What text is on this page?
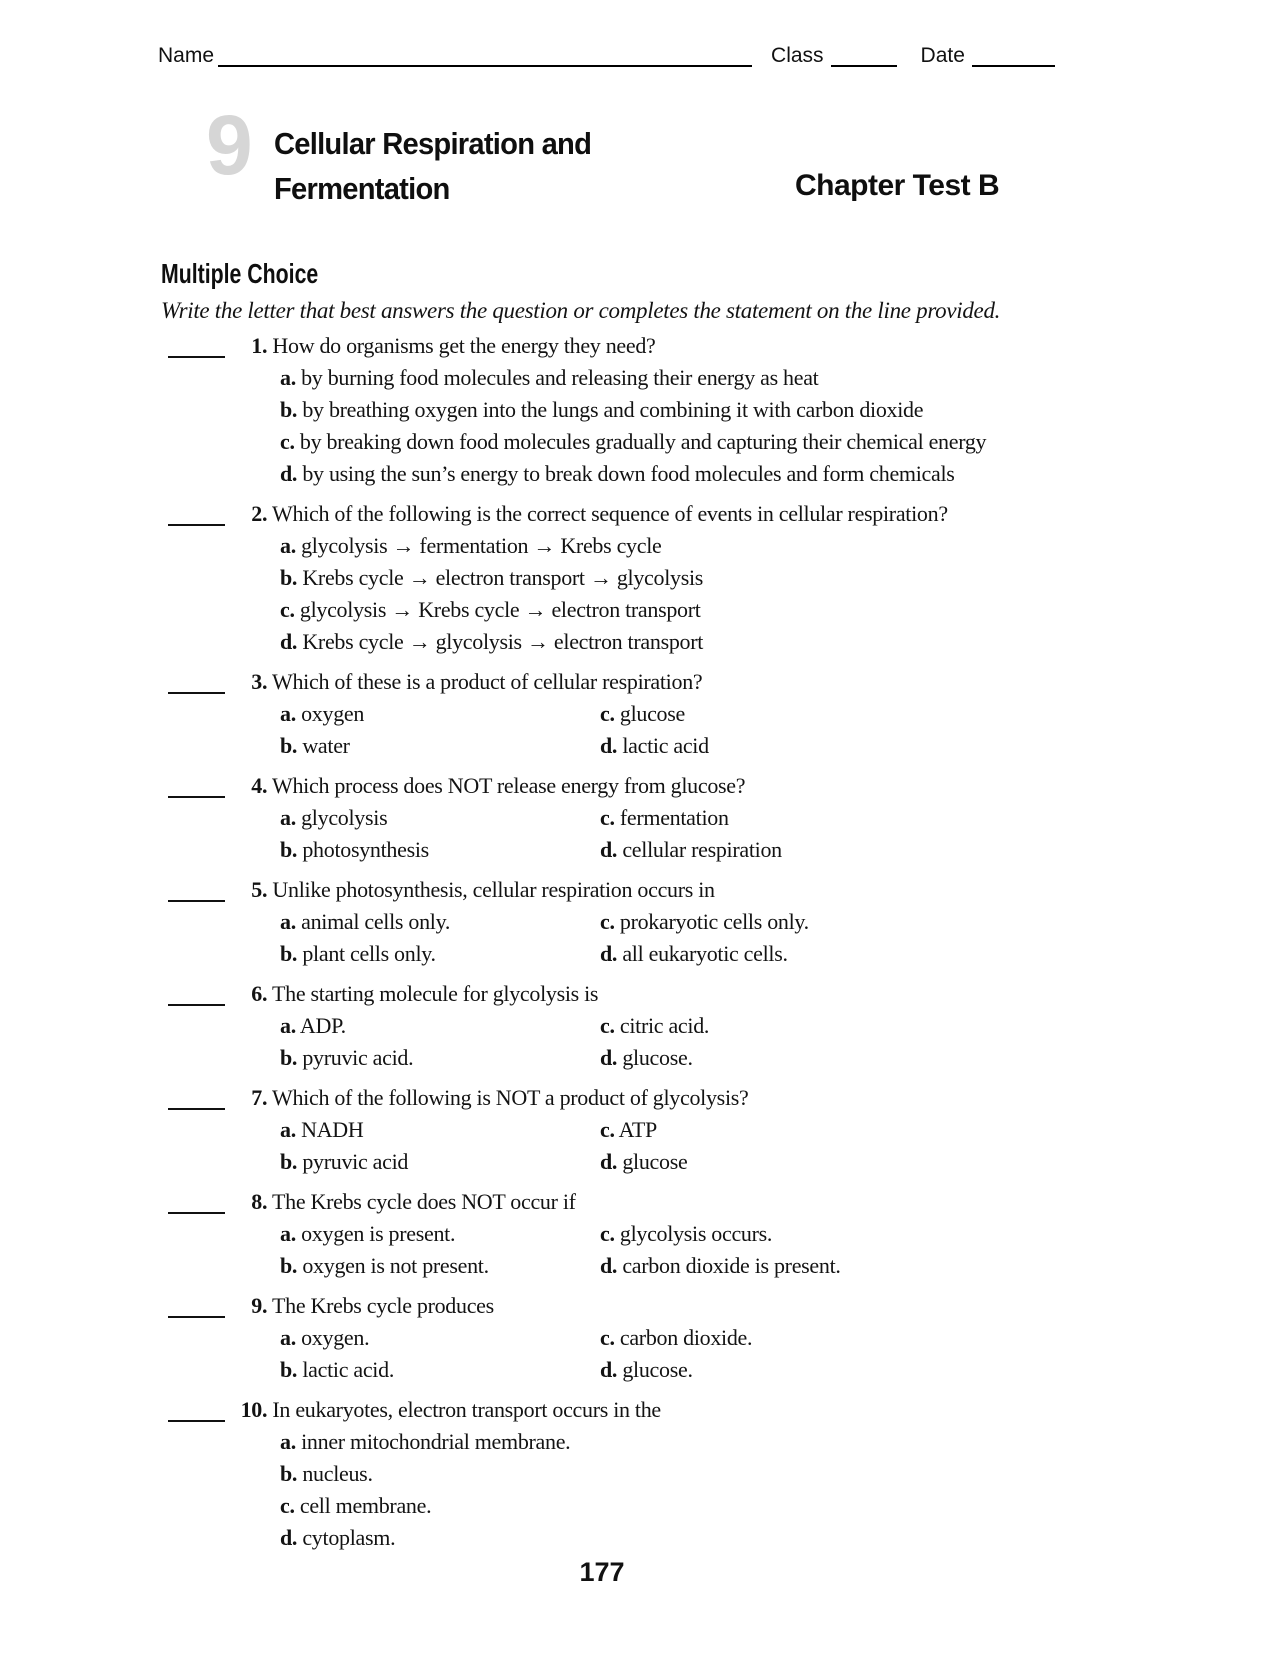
Name	Class	Date
9 Cellular Respiration and
Fermentation	Chapter Test B
Multiple Choice
Write the letter that best answers the question or completes the statement on the line provided.
1. How do organisms get the energy they need?
a. by burning food molecules and releasing their energy as heat
b. by breathing oxygen into the lungs and combining it with carbon dioxide
c. by breaking down food molecules gradually and capturing their chemical energy
d. by using the sun’s energy to break down food molecules and form chemicals
2. Which of the following is the correct sequence of events in cellular respiration?
a. glycolysis → fermentation → Krebs cycle
b. Krebs cycle → electron transport → glycolysis
c. glycolysis → Krebs cycle → electron transport
d. Krebs cycle → glycolysis → electron transport
3. Which of these is a product of cellular respiration?
a. oxygen
b. water
c. glucose
d. lactic acid
4. Which process does NOT release energy from glucose?
a. glycolysis
b. photosynthesis
c. fermentation
d. cellular respiration
5. Unlike photosynthesis, cellular respiration occurs in
a. animal cells only.
b. plant cells only.
c. prokaryotic cells only.
d. all eukaryotic cells.
6. The starting molecule for glycolysis is
a. ADP.
b. pyruvic acid.
c. citric acid.
d. glucose.
7. Which of the following is NOT a product of glycolysis?
a. NADH
b. pyruvic acid
c. ATP
d. glucose
8. The Krebs cycle does NOT occur if
a. oxygen is present.
b. oxygen is not present.
c. glycolysis occurs.
d. carbon dioxide is present.
9. The Krebs cycle produces
a. oxygen.
b. lactic acid.
c. carbon dioxide.
d. glucose.
10. In eukaryotes, electron transport occurs in the
a. inner mitochondrial membrane.
b. nucleus.
c. cell membrane.
d. cytoplasm.
177
